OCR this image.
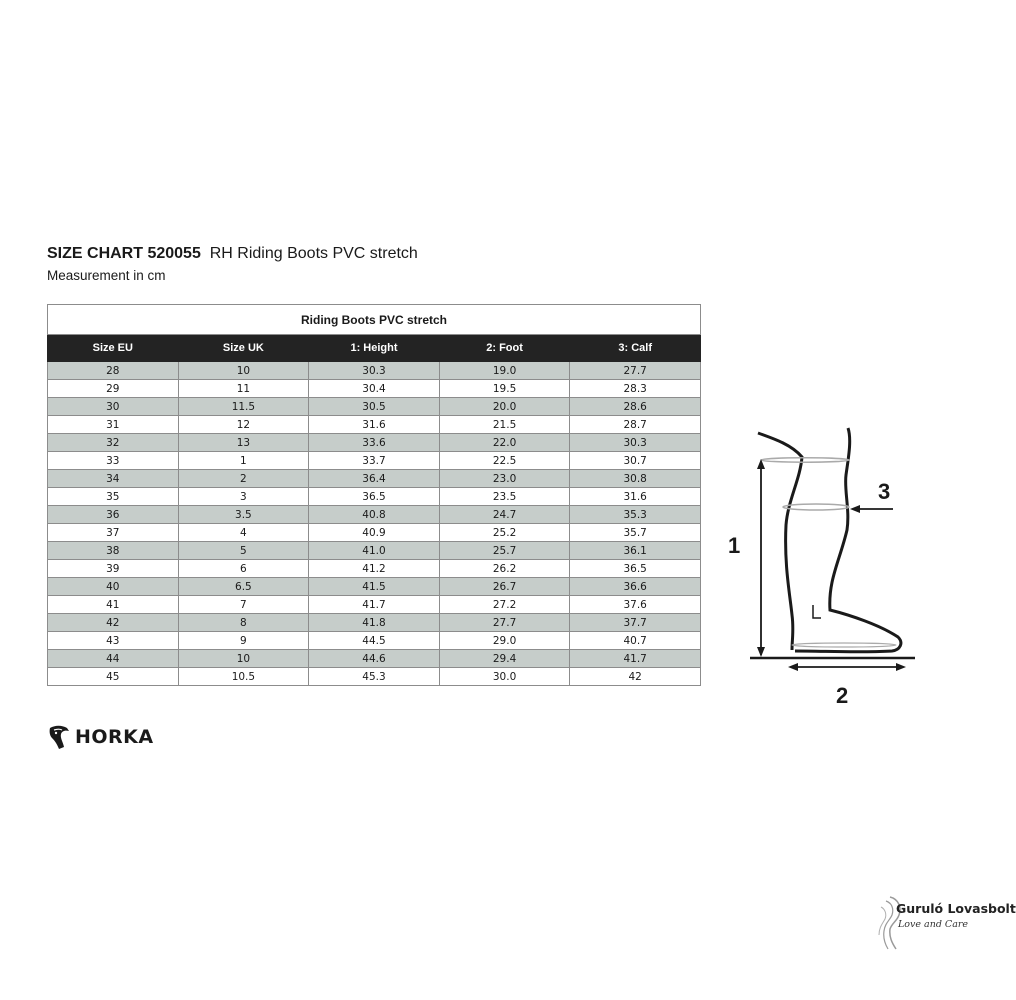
SIZE CHART 520055 RH Riding Boots PVC stretch
Measurement in cm
Riding Boots PVC stretch				
Size EU	Size UK	1: Height	2: Foot	3: Calf
28	10	30.3	19.0	27.7
29	11	30.4	19.5	28.3
30	11.5	30.5	20.0	28.6
31	12	31.6	21.5	28.7
32	13	33.6	22.0	30.3
33	1	33.7	22.5	30.7
34	2	36.4	23.0	30.8
35	3	36.5	23.5	31.6
36	3.5	40.8	24.7	35.3
37	4	40.9	25.2	35.7
38	5	41.0	25.7	36.1
39	6	41.2	26.2	36.5
40	6.5	41.5	26.7	36.6
41	7	41.7	27.2	37.6
42	8	41.8	27.7	37.7
43	9	44.5	29.0	40.7
44	10	44.6	29.4	41.7
45	10.5	45.3	30.0	42
HORKA
1
2
3
Guruló Lovasbolt
Love and Care
